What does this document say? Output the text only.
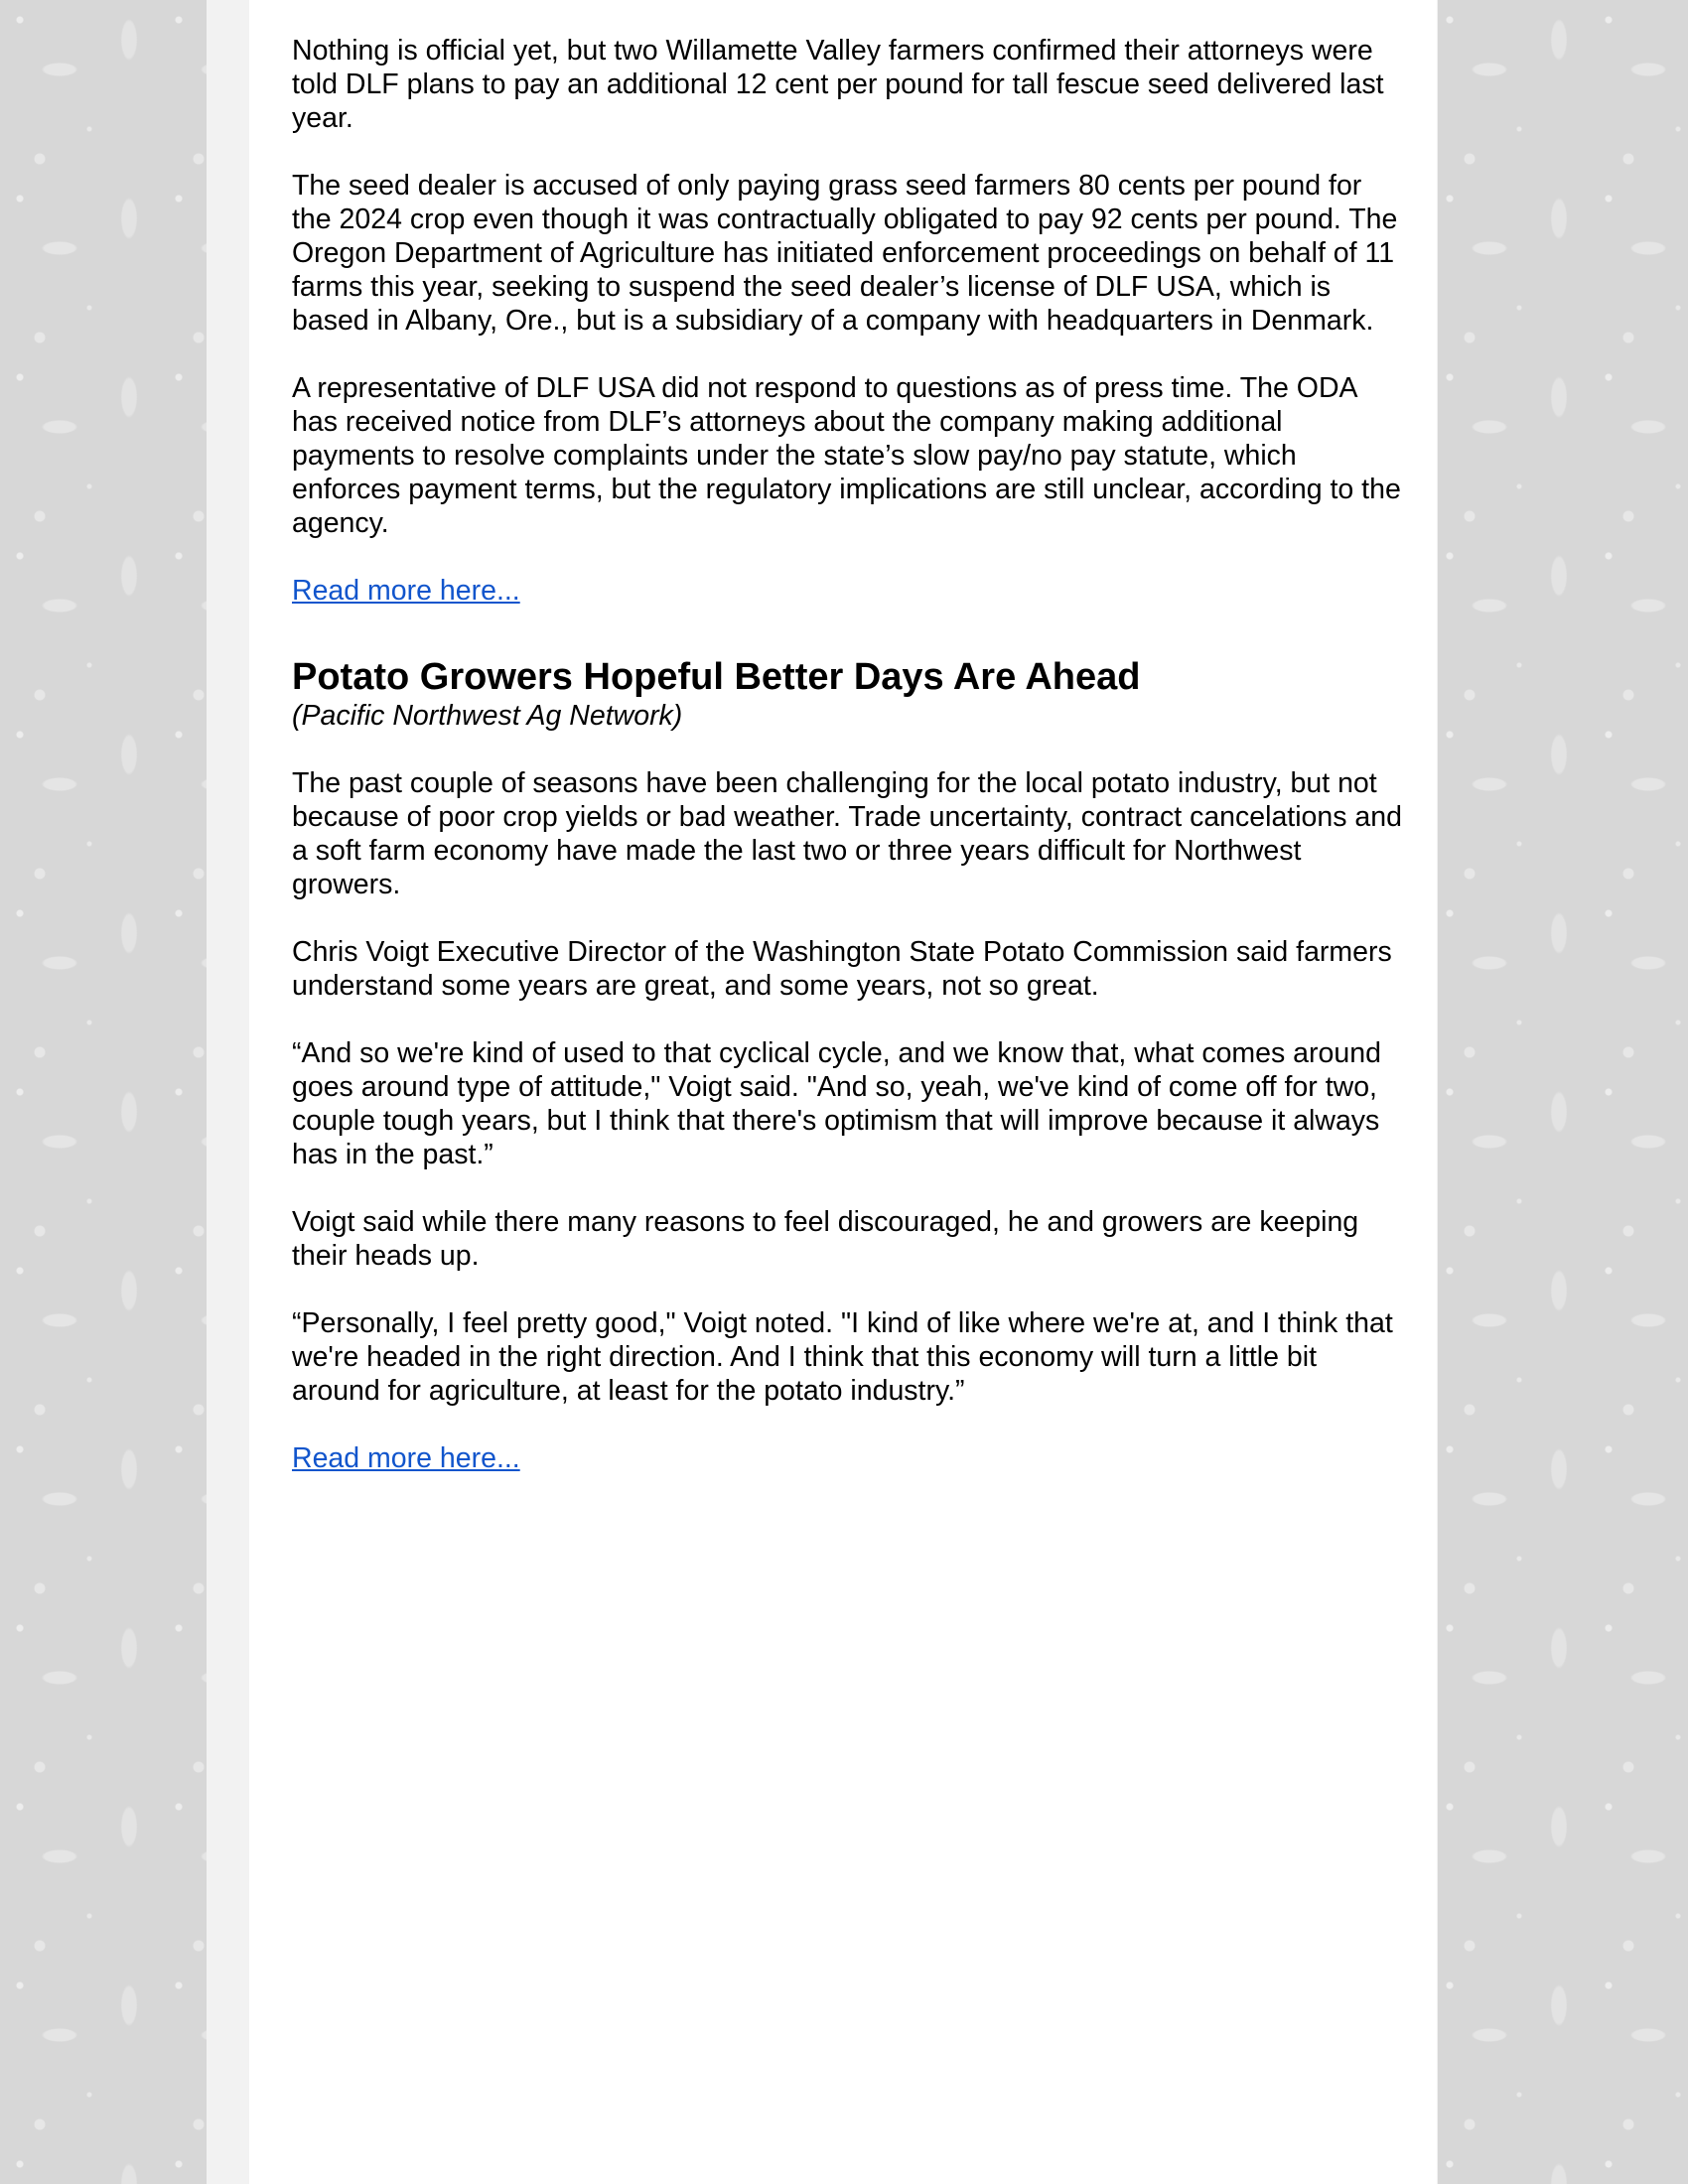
Nothing is official yet, but two Willamette Valley farmers confirmed their attorneys were told DLF plans to pay an additional 12 cent per pound for tall fescue seed delivered last year.

The seed dealer is accused of only paying grass seed farmers 80 cents per pound for the 2024 crop even though it was contractually obligated to pay 92 cents per pound. The Oregon Department of Agriculture has initiated enforcement proceedings on behalf of 11 farms this year, seeking to suspend the seed dealer’s license of DLF USA, which is based in Albany, Ore., but is a subsidiary of a company with headquarters in Denmark.

A representative of DLF USA did not respond to questions as of press time. The ODA has received notice from DLF’s attorneys about the company making additional payments to resolve complaints under the state’s slow pay/no pay statute, which enforces payment terms, but the regulatory implications are still unclear, according to the agency.

Read more here...
Potato Growers Hopeful Better Days Are Ahead

(Pacific Northwest Ag Network)

The past couple of seasons have been challenging for the local potato industry, but not because of poor crop yields or bad weather. Trade uncertainty, contract cancelations and a soft farm economy have made the last two or three years difficult for Northwest growers.

Chris Voigt Executive Director of the Washington State Potato Commission said farmers understand some years are great, and some years, not so great.

“And so we're kind of used to that cyclical cycle, and we know that, what comes around goes around type of attitude," Voigt said. "And so, yeah, we've kind of come off for two, couple tough years, but I think that there's optimism that will improve because it always has in the past.”

Voigt said while there many reasons to feel discouraged, he and growers are keeping their heads up.

“Personally, I feel pretty good," Voigt noted. "I kind of like where we're at, and I think that we're headed in the right direction. And I think that this economy will turn a little bit around for agriculture, at least for the potato industry.”

Read more here...
